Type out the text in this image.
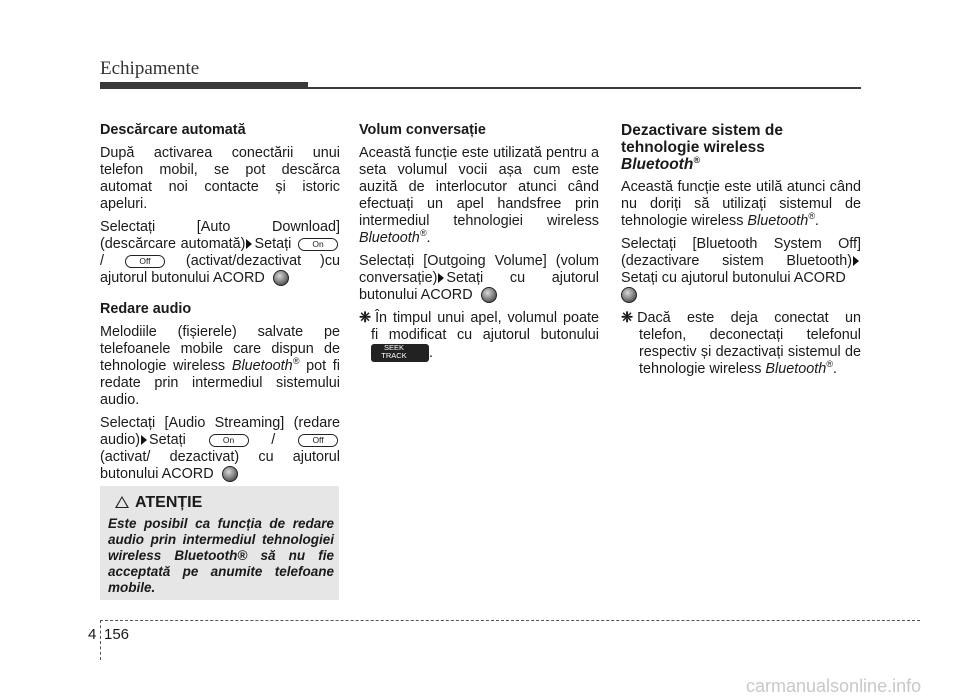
Echipamente

Descărcare automată

După activarea conectării unui telefon mobil, se pot descărca automat noi contacte și istoric apeluri.

Selectați [Auto Download] (descărcare automată) Setați On /	Off (activat/dezactivat )cu ajutorul butonului ACORD

Redare audio

Melodiile (fișierele) salvate pe telefoanele mobile care dispun de tehnologie wireless Bluetooth® pot fi redate prin intermediul sistemului audio.

Selectați [Audio Streaming] (redare audio) Setați	On	/	Off (activat/ dezactivat) cu ajutorul butonului ACORD

ATENȚIE
Este posibil ca funcția de redare audio prin intermediul tehnologiei wireless Bluetooth® să nu fie acceptată pe anumite telefoane mobile.

Volum conversație

Această funcție este utilizată pentru a seta volumul vocii așa cum este auzită de interlocutor atunci când efectuați un apel handsfree prin intermediul tehnologiei wireless Bluetooth®.

Selectați [Outgoing Volume] (volum conversație) Setați cu ajutorul butonului ACORD

❈ În timpul unui apel, volumul poate fi modificat cu ajutorul butonului
SEEK
TRACK	.

Dezactivare sistem de tehnologie wireless
Bluetooth®

Această funcție este utilă atunci când nu doriți să utilizați sistemul de tehnologie wireless Bluetooth®.

Selectați [Bluetooth System Off] (dezactivare sistem Bluetooth) Setați cu ajutorul butonului ACORD

❈ Dacă este deja conectat un telefon, deconectați telefonul respectiv și dezactivați sistemul de tehnologie wireless Bluetooth®.

4 156
carmanualsonline.info
